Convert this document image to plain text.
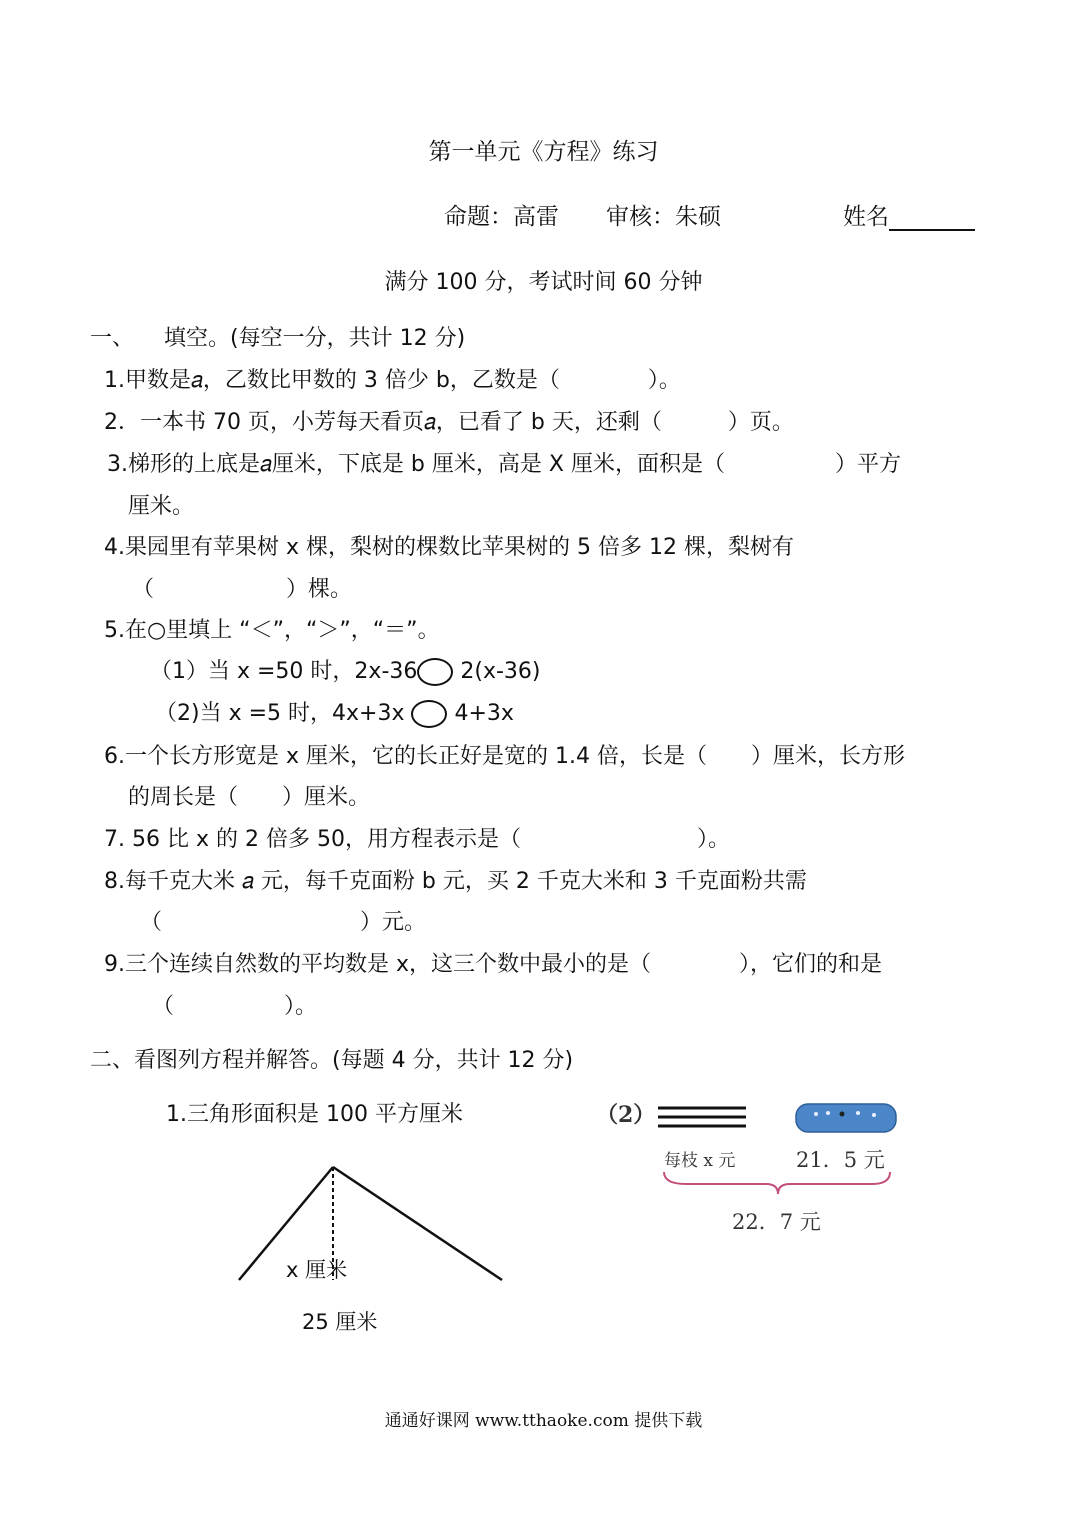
第一单元《方程》练习
命题：高雷 审核：朱硕	姓名
满分 100 分，考试时间 60 分钟
一、 填空。(每空一分，共计 12 分)
1.甲数是𝑎，乙数比甲数的 3 倍少 b，乙数是（　　　　）。
2．一本书 70 页，小芳每天看页𝑎，已看了 b 天，还剩（　　　）页。
3.梯形的上底是𝑎厘米，下底是 b 厘米，高是 X 厘米，面积是（　　　　　）平方
厘米。
4.果园里有苹果树 x 棵，梨树的棵数比苹果树的 5 倍多 12 棵，梨树有
（　　　　　　）棵。
5.在○里填上 “＜”，“＞”，“＝”。
（1）当 x =50 时，2x-36 2(x-36)
（2)当 x =5 时，4x+3x 4+3x
6.一个长方形宽是 x 厘米，它的长正好是宽的 1.4 倍，长是（　　）厘米，长方形
的周长是（　　）厘米。
7. 56 比 x 的 2 倍多 50，用方程表示是（　　　　　　　　）。
8.每千克大米 𝑎 元，每千克面粉 b 元，买 2 千克大米和 3 千克面粉共需
（　　　　　　　　　）元。
9.三个连续自然数的平均数是 x，这三个数中最小的是（　　　　），它们的和是
（　　　　　）。
二、看图列方程并解答。(每题 4 分，共计 12 分)
1.三角形面积是 100 平方厘米
x 厘米
25 厘米
（2）
每枝 x 元	21．5 元
22．7 元
通通好课网 www.tthaoke.com 提供下载
